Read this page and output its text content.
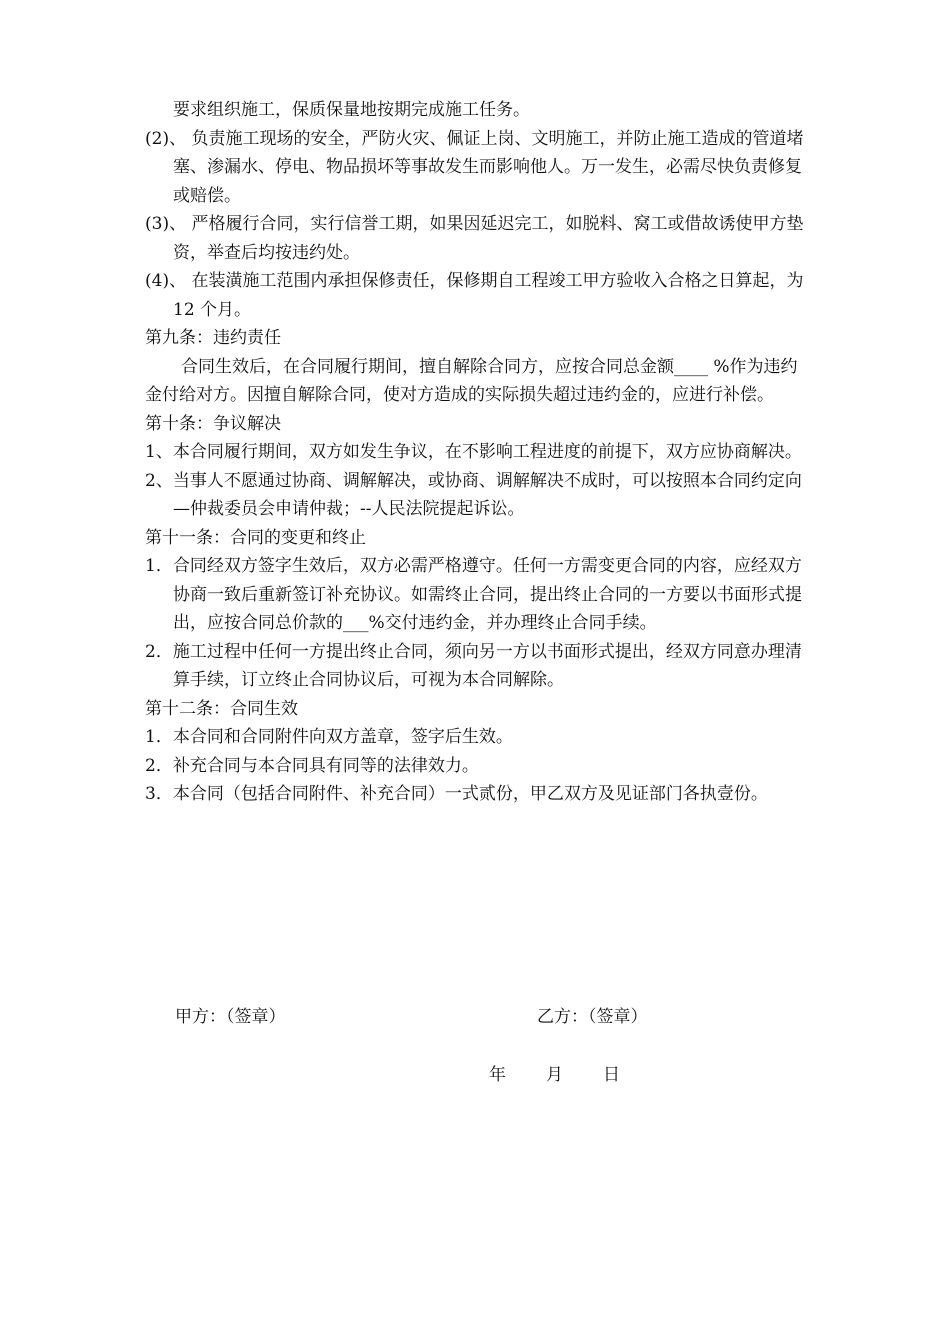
要求组织施工，保质保量地按期完成施工任务。
(2)、 负责施工现场的安全，严防火灾、佩证上岗、文明施工，并防止施工造成的管道堵塞、渗漏水、停电、物品损坏等事故发生而影响他人。万一发生，必需尽快负责修复或赔偿。
(3)、 严格履行合同，实行信誉工期，如果因延迟完工，如脱料、窝工或借故诱使甲方垫资，举查后均按违约处。
(4)、 在装潢施工范围内承担保修责任，保修期自工程竣工甲方验收入合格之日算起，为 12 个月。
第九条：违约责任
合同生效后，在合同履行期间，擅自解除合同方，应按合同总金额____ %作为违约金付给对方。因擅自解除合同，使对方造成的实际损失超过违约金的，应进行补偿。
第十条：争议解决
1、本合同履行期间，双方如发生争议，在不影响工程进度的前提下，双方应协商解决。
2、当事人不愿通过协商、调解解决，或协商、调解解决不成时，可以按照本合同约定向—仲裁委员会申请仲裁；--人民法院提起诉讼。
第十一条：合同的变更和终止
1．合同经双方签字生效后，双方必需严格遵守。任何一方需变更合同的内容，应经双方协商一致后重新签订补充协议。如需终止合同，提出终止合同的一方要以书面形式提出，应按合同总价款的___%交付违约金，并办理终止合同手续。
2．施工过程中任何一方提出终止合同，须向另一方以书面形式提出，经双方同意办理清算手续，订立终止合同协议后，可视为本合同解除。
第十二条：合同生效
1．本合同和合同附件向双方盖章，签字后生效。
2．补充合同与本合同具有同等的法律效力。
3．本合同（包括合同附件、补充合同）一式贰份，甲乙双方及见证部门各执壹份。
甲方：（签章）	乙方：（签章）
年 月 日
